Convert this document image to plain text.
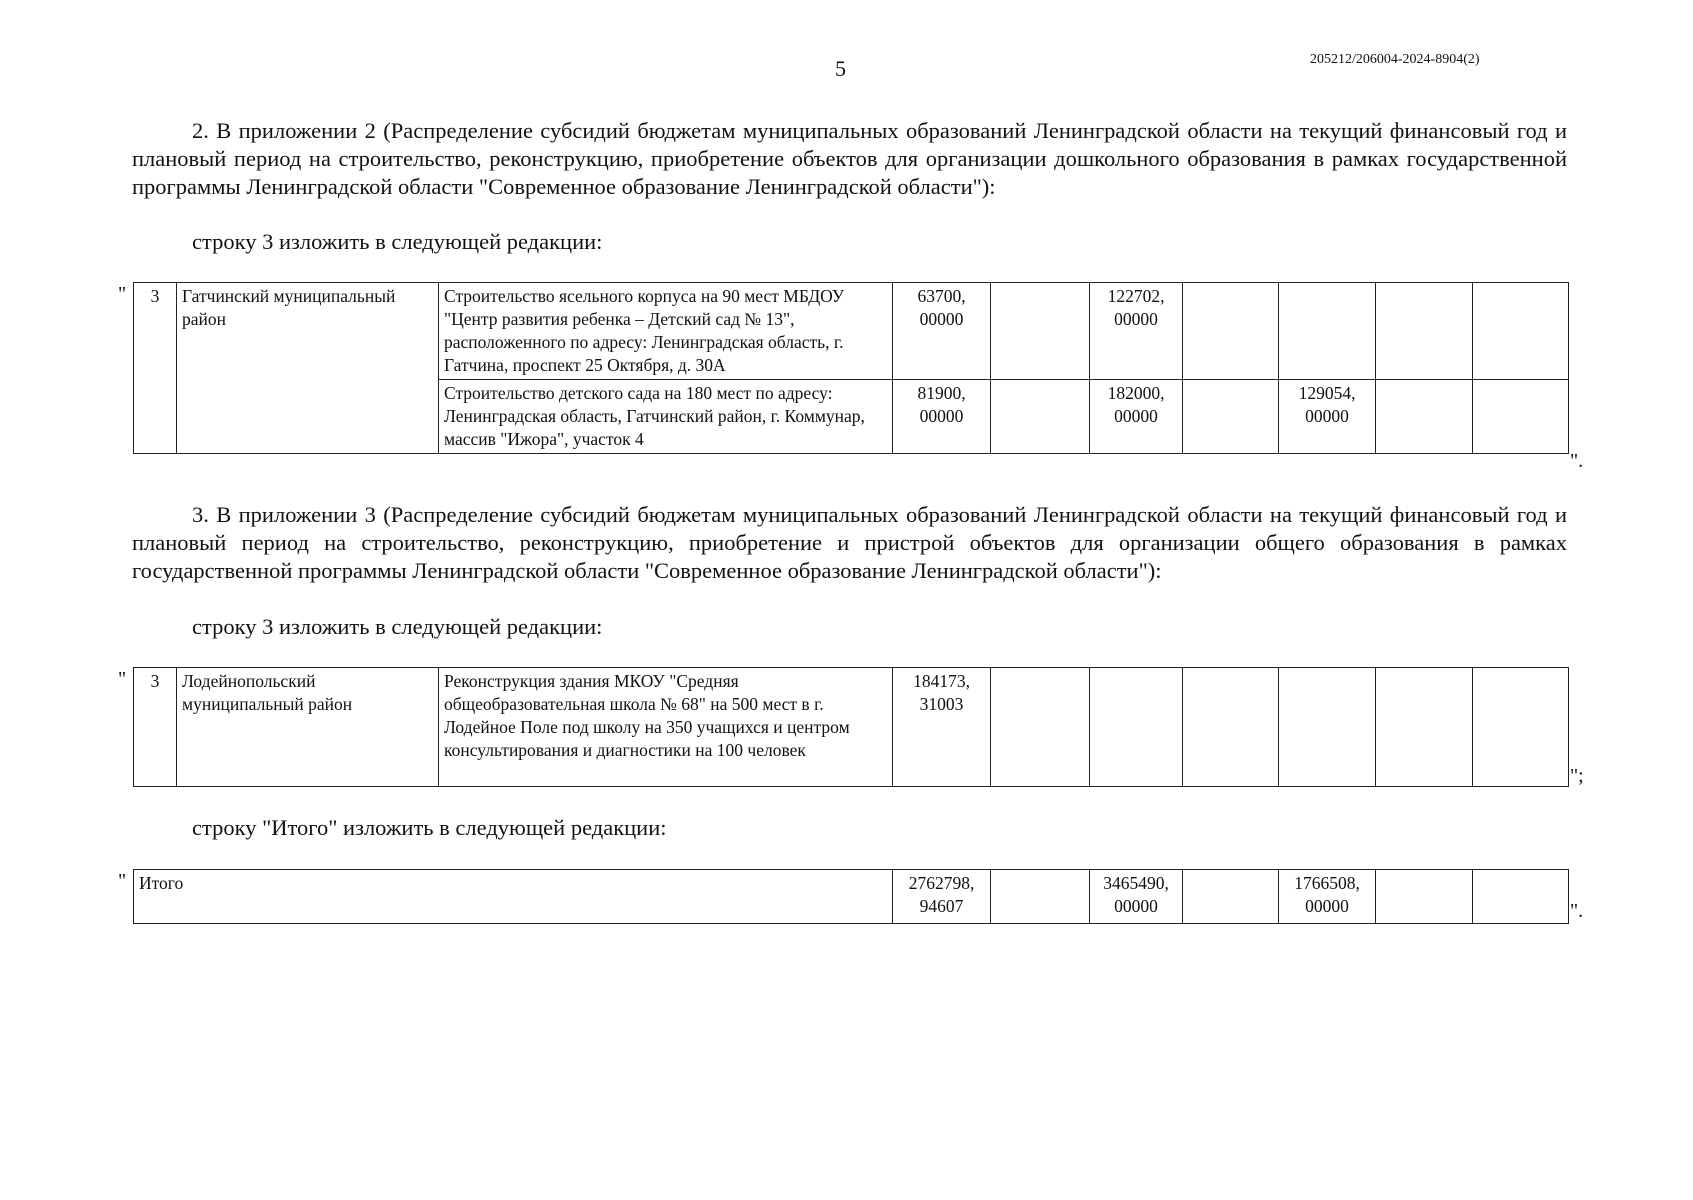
5	205212/206004-2024-8904(2)
2. В приложении 2 (Распределение субсидий бюджетам муниципальных образований Ленинградской области на текущий финансовый год и плановый период на строительство, реконструкцию, приобретение объектов для организации дошкольного образования в рамках государственной программы Ленинградской области "Современное образование Ленинградской области"):
строку 3 изложить в следующей редакции:
" 3	Гатчинский муниципальный район	Строительство ясельного корпуса на 90 мест МБДОУ "Центр развития ребенка – Детский сад № 13", расположенного по адресу: Ленинградская область, г. Гатчина, проспект 25 Октября, д. 30А	63700, 00000		122702, 00000				
		Строительство детского сада на 180 мест по адресу: Ленинградская область, Гатчинский район, г. Коммунар, массив "Ижора", участок 4	81900, 00000		182000, 00000		129054, 00000		
".
3. В приложении 3 (Распределение субсидий бюджетам муниципальных образований Ленинградской области на текущий финансовый год и плановый период на строительство, реконструкцию, приобретение и пристрой объектов для организации общего образования в рамках государственной программы Ленинградской области "Современное образование Ленинградской области"):
строку 3 изложить в следующей редакции:
" 3	Лодейнопольский муниципальный район	Реконструкция здания МКОУ "Средняя общеобразовательная школа № 68" на 500 мест в г. Лодейное Поле под школу на 350 учащихся и центром консультирования и диагностики на 100 человек	184173, 31003						
";
строку "Итого" изложить в следующей редакции:
" Итого	2762798, 94607		3465490, 00000		1766508, 00000			".
